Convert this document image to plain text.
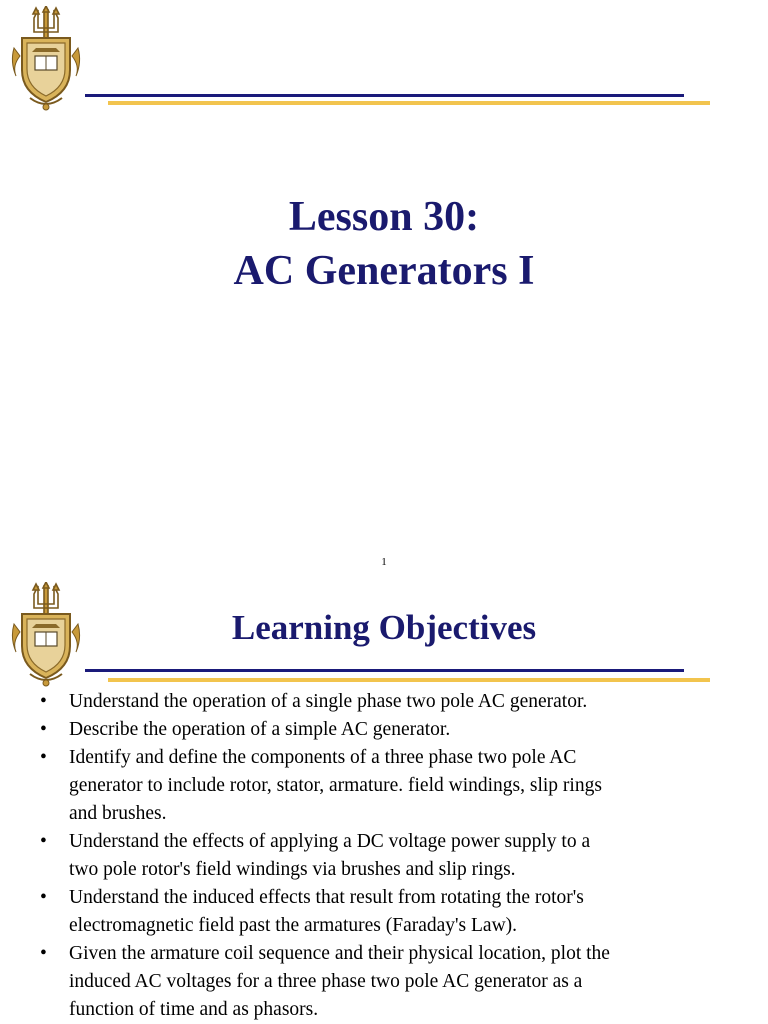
Lesson 30:
AC Generators I
1
Learning Objectives
• Understand the operation of a single phase two pole AC generator.
• Describe the operation of a simple AC generator.
• Identify and define the components of a three phase two pole AC
generator to include rotor, stator, armature. field windings, slip rings
and brushes.
• Understand the effects of applying a DC voltage power supply to a
two pole rotor's field windings via brushes and slip rings.
• Understand the induced effects that result from rotating the rotor's
electromagnetic field past the armatures (Faraday's Law).
• Given the armature coil sequence and their physical location, plot the
induced AC voltages for a three phase two pole AC generator as a
function of time and as phasors.
